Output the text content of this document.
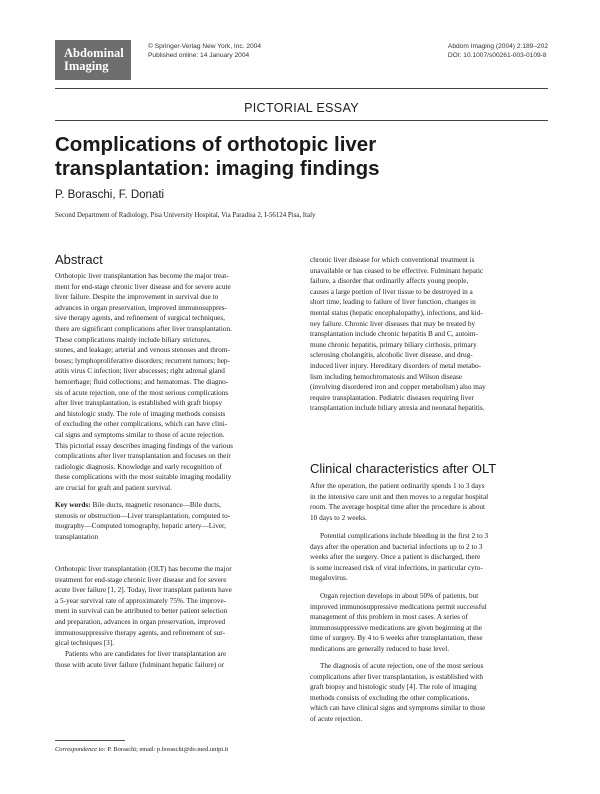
Abdominal
Imaging
© Springer-Verlag New York, Inc. 2004
Published online: 14 January 2004
Abdom Imaging (2004) 2:189–202
DOI: 10.1007/s00261-003-0109-8
PICTORIAL ESSAY
Complications of orthotopic liver
transplantation: imaging findings
P. Boraschi, F. Donati
Second Department of Radiology, Pisa University Hospital, Via Paradisa 2, I-56124 Pisa, Italy
Abstract
Orthotopic liver transplantation has become the major treat-
ment for end-stage chronic liver disease and for severe acute
liver failure. Despite the improvement in survival due to
advances in organ preservation, improved immunosuppres-
sive therapy agents, and refinement of surgical techniques,
there are significant complications after liver transplantation.
These complications mainly include biliary strictures,
stones, and leakage; arterial and venous stenoses and throm-
boses; lymphoproliferative disorders; recurrent tumors; hep-
atitis virus C infection; liver abscesses; right adrenal gland
hemorrhage; fluid collections; and hematomas. The diagno-
sis of acute rejection, one of the most serious complications
after liver transplantation, is established with graft biopsy
and histologic study. The role of imaging methods consists
of excluding the other complications, which can have clini-
cal signs and symptoms similar to those of acute rejection.
This pictorial essay describes imaging findings of the various
complications after liver transplantation and focuses on their
radiologic diagnosis. Knowledge and early recognition of
these complications with the most suitable imaging modality
are crucial for graft and patient survival.
Key words: Bile ducts, magnetic resonance—Bile ducts,
stenosis or obstruction—Liver transplantation, computed to-
mography—Computed tomography, hepatic artery—Liver,
transplantation
Orthotopic liver transplantation (OLT) has become the major
treatment for end-stage chronic liver disease and for severe
acute liver failure [1, 2]. Today, liver transplant patients have
a 5-year survival rate of approximately 75%. The improve-
ment in survival can be attributed to better patient selection
and preparation, advances in organ preservation, improved
immunosuppressive therapy agents, and refinement of sur-
gical techniques [3].
Patients who are candidates for liver transplantation are
those with acute liver failure (fulminant hepatic failure) or
Correspondence to: P. Boraschi; email: p.boraschi@do.med.unipi.it
chronic liver disease for which conventional treatment is
unavailable or has ceased to be effective. Fulminant hepatic
failure, a disorder that ordinarily affects young people,
causes a large portion of liver tissue to be destroyed in a
short time, leading to failure of liver function, changes in
mental status (hepatic encephalopathy), infections, and kid-
ney failure. Chronic liver diseases that may be treated by
transplantation include chronic hepatitis B and C, autoim-
mune chronic hepatitis, primary biliary cirrhosis, primary
sclerosing cholangitis, alcoholic liver disease, and drug-
induced liver injury. Hereditary disorders of metal metabo-
lism including hemochromatosis and Wilson disease
(involving disordered iron and copper metabolism) also may
require transplantation. Pediatric diseases requiring liver
transplantation include biliary atresia and neonatal hepatitis.
Clinical characteristics after OLT
After the operation, the patient ordinarily spends 1 to 3 days
in the intensive care unit and then moves to a regular hospital
room. The average hospital time after the procedure is about
10 days to 2 weeks.
Potential complications include bleeding in the first 2 to 3
days after the operation and bacterial infections up to 2 to 3
weeks after the surgery. Once a patient is discharged, there
is some increased risk of viral infections, in particular cyto-
megalovirus.
Organ rejection develops in about 50% of patients, but
improved immunosuppressive medications permit successful
management of this problem in most cases. A series of
immunosuppressive medications are given beginning at the
time of surgery. By 4 to 6 weeks after transplantation, these
medications are generally reduced to base level.
The diagnosis of acute rejection, one of the most serious
complications after liver transplantation, is established with
graft biopsy and histologic study [4]. The role of imaging
methods consists of excluding the other complications,
which can have clinical signs and symptoms similar to those
of acute rejection.
